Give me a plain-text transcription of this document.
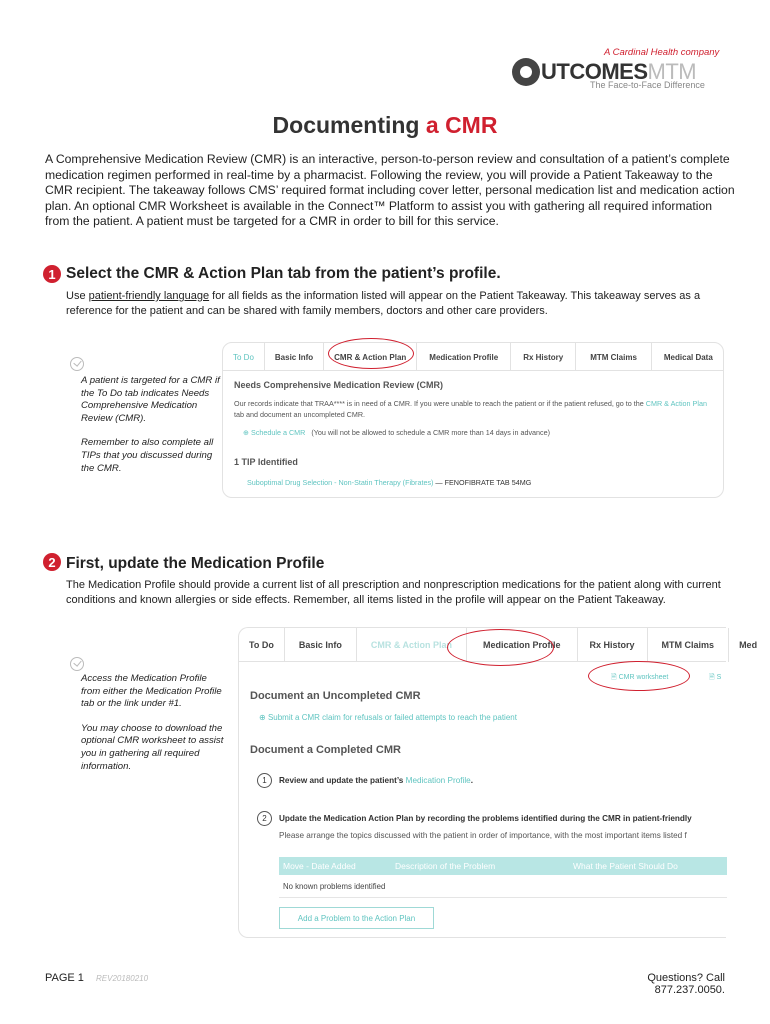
A Cardinal Health company
UTCOMES MTM
The Face-to-Face Difference
Documenting a CMR
A Comprehensive Medication Review (CMR) is an interactive, person-to-person review and consultation of a patient’s complete medication regimen performed in real-time by a pharmacist. Following the review, you will provide a Patient Takeaway to the CMR recipient. The takeaway follows CMS’ required format including cover letter, personal medication list and medication action plan. An optional CMR Worksheet is available in the Connect™ Platform to assist you with gathering all required information from the patient. A patient must be targeted for a CMR in order to bill for this service.
1 Select the CMR & Action Plan tab from the patient’s profile.
Use patient-friendly language for all fields as the information listed will appear on the Patient Takeaway. This takeaway serves as a reference for the patient and can be shared with family members, doctors and other care providers.

A patient is targeted for a CMR if the To Do tab indicates Needs Comprehensive Medication Review (CMR).

Remember to also complete all TIPs that you discussed during the CMR.

To Do	Basic Info	CMR & Action Plan	Medication Profile	Rx History	MTM Claims	Medical Data
Needs Comprehensive Medication Review (CMR)
Our records indicate that TRAA**** is in need of a CMR. If you were unable to reach the patient or if the patient refused, go to the CMR & Action Plan tab and document an uncompleted CMR.
⊕ Schedule a CMR (You will not be allowed to schedule a CMR more than 14 days in advance)
1 TIP Identified
Suboptimal Drug Selection - Non-Statin Therapy (Fibrates) — FENOFIBRATE TAB 54MG
2 First, update the Medication Profile
The Medication Profile should provide a current list of all prescription and nonprescription medications for the patient along with current conditions and known allergies or side effects. Remember, all items listed in the profile will appear on the Patient Takeaway.

Access the Medication Profile from either the Medication Profile tab or the link under #1.

You may choose to download the optional CMR worksheet to assist you in gathering all required information.

To Do	Basic Info	CMR & Action Plan	Medication Profile	Rx History	MTM Claims	Med
🗎 CMR worksheet	🗎 S
Document an Uncompleted CMR
⊕ Submit a CMR claim for refusals or failed attempts to reach the patient
Document a Completed CMR
1	Review and update the patient’s Medication Profile.
2	Update the Medication Action Plan by recording the problems identified during the CMR in patient-friendly
Please arrange the topics discussed with the patient in order of importance, with the most important items listed f
Move - Date Added	Description of the Problem	What the Patient Should Do
No known problems identified
Add a Problem to the Action Plan
PAGE 1 REV20180210	Questions? Call 877.237.0050.
